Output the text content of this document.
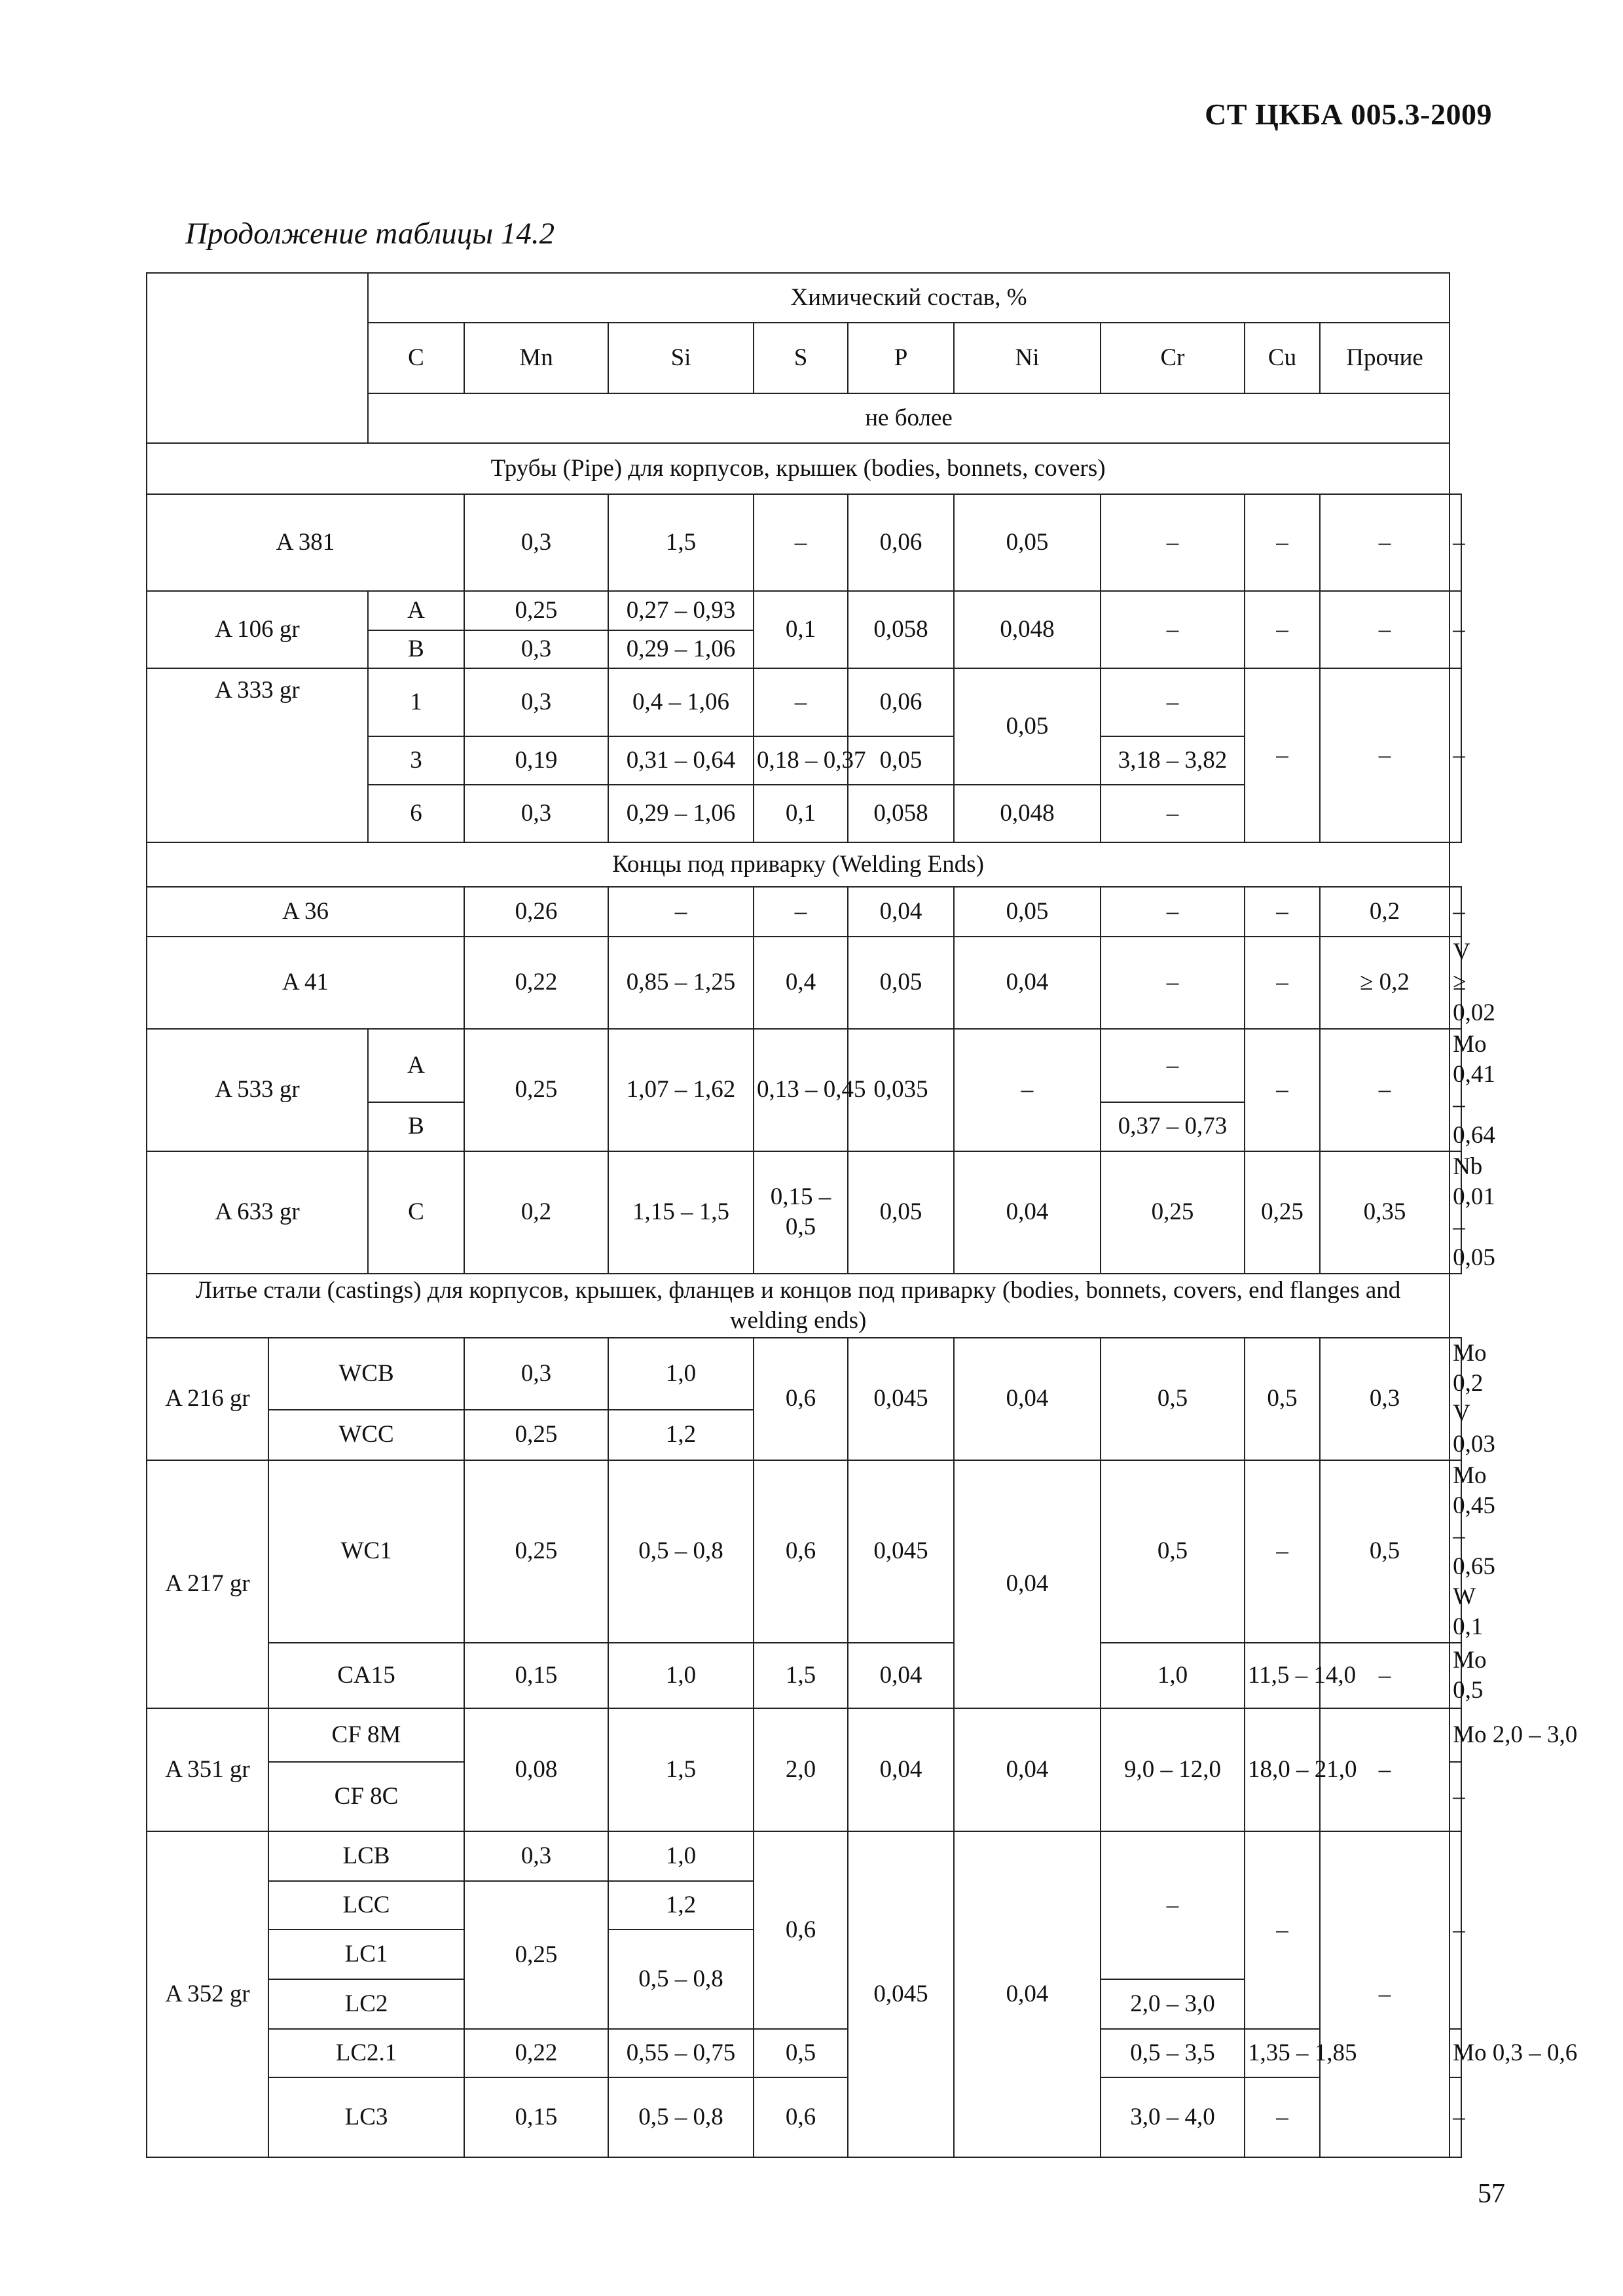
СТ ЦКБА 005.3-2009
Продолжение таблицы 14.2
		Химический состав, %									
		C	Mn	Si	S	P	Ni	Cr	Cu	Прочие	
		не более									
Трубы (Pipe) для корпусов, крышек (bodies, bonnets, covers)											
A 381			0,3	1,5	–	0,06	0,05	–	–	–	–
A 106 gr		A	0,25	0,27 – 0,93	0,1	0,058	0,048	–	–	–	–
		B	0,3	0,29 – 1,06							
A 333 gr		1	0,3	0,4 – 1,06	–	0,06	0,05	–	–	–	–
		3	0,19	0,31 – 0,64	0,18 – 0,37	0,05		3,18 – 3,82			
		6	0,3	0,29 – 1,06	0,1	0,058	0,048	–			
Концы под приварку (Welding Ends)											
A 36			0,26	–	–	0,04	0,05	–	–	0,2	–
A 41			0,22	0,85 – 1,25	0,4	0,05	0,04	–	–	≥ 0,2	V ≥ 0,02
A 533 gr		A	0,25	1,07 – 1,62	0,13 – 0,45	0,035	–	–	–	–	Mo 0,41 – 0,64
		B						0,37 – 0,73			
A 633 gr		C	0,2	1,15 – 1,5	0,15 – 0,5	0,05	0,04	0,25	0,25	0,35	Nb 0,01 – 0,05
Литье стали (castings) для корпусов, крышек, фланцев и концов под приварку (bodies, bonnets, covers, end flanges and welding ends)											
A 216 gr	WCB		0,3	1,0	0,6	0,045	0,04	0,5	0,5	0,3	Mo 0,2 V 0,03
	WCC		0,25	1,2							
A 217 gr	WC1		0,25	0,5 – 0,8	0,6	0,045	0,04	0,5	–	0,5	Mo 0,45 – 0,65 W 0,1
	CA15		0,15	1,0	1,5	0,04		1,0	11,5 – 14,0	–	Mo 0,5
A 351 gr	CF 8M		0,08	1,5	2,0	0,04	0,04	9,0 – 12,0	18,0 – 21,0	–	Mo 2,0 – 3,0
	CF 8C										–
A 352 gr	LCB		0,3	1,0	0,6	0,045	0,04	–	–	–	–
	LCC		0,25	1,2							
	LC1			0,5 – 0,8							
	LC2							2,0 – 3,0			
	LC2.1		0,22	0,55 – 0,75	0,5			0,5 – 3,5	1,35 – 1,85		Mo 0,3 – 0,6
	LC3		0,15	0,5 – 0,8	0,6			3,0 – 4,0	–		–
57
